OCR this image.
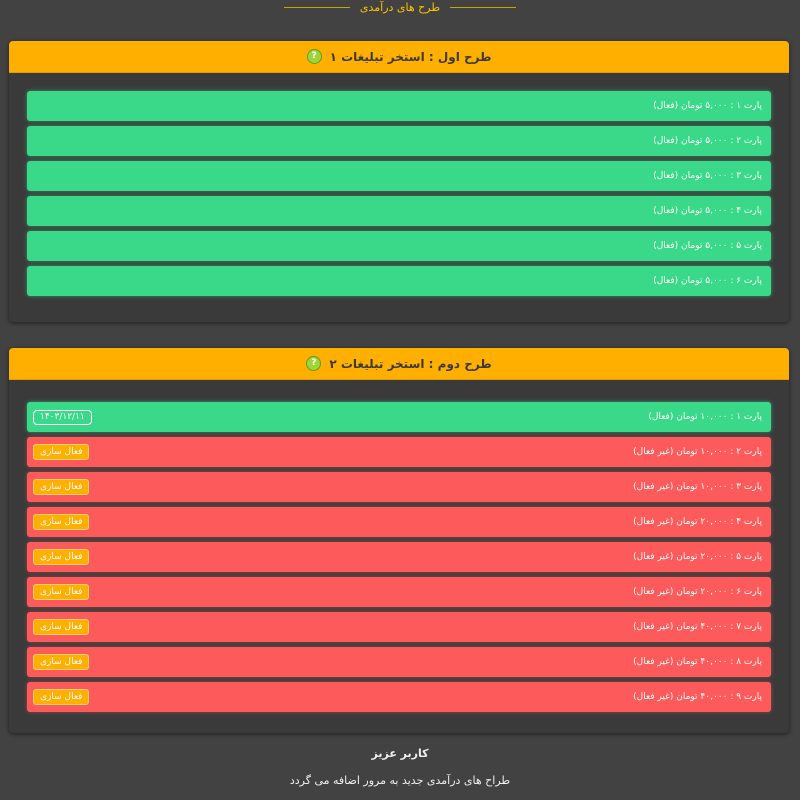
طرح های درآمدی
طرح اول : استخر تبلیغات ۱
?
پارت ۱ : ۵,۰۰۰ تومان (فعال)
پارت ۲ : ۵,۰۰۰ تومان (فعال)
پارت ۳ : ۵,۰۰۰ تومان (فعال)
پارت ۴ : ۵,۰۰۰ تومان (فعال)
پارت ۵ : ۵,۰۰۰ تومان (فعال)
پارت ۶ : ۵,۰۰۰ تومان (فعال)
طرح دوم : استخر تبلیغات ۲
?
پارت ۱ : ۱۰,۰۰۰ تومان (فعال)
۱۴۰۳/۱۲/۱۱
پارت ۲ : ۱۰,۰۰۰ تومان (غیر فعال)
فعال سازی
پارت ۳ : ۱۰,۰۰۰ تومان (غیر فعال)
فعال سازی
پارت ۴ : ۲۰,۰۰۰ تومان (غیر فعال)
فعال سازی
پارت ۵ : ۲۰,۰۰۰ تومان (غیر فعال)
فعال سازی
پارت ۶ : ۲۰,۰۰۰ تومان (غیر فعال)
فعال سازی
پارت ۷ : ۴۰,۰۰۰ تومان (غیر فعال)
فعال سازی
پارت ۸ : ۴۰,۰۰۰ تومان (غیر فعال)
فعال سازی
پارت ۹ : ۴۰,۰۰۰ تومان (غیر فعال)
فعال سازی
کاربر عزیز
طراح های درآمدی جدید به مرور اضافه می گردد
